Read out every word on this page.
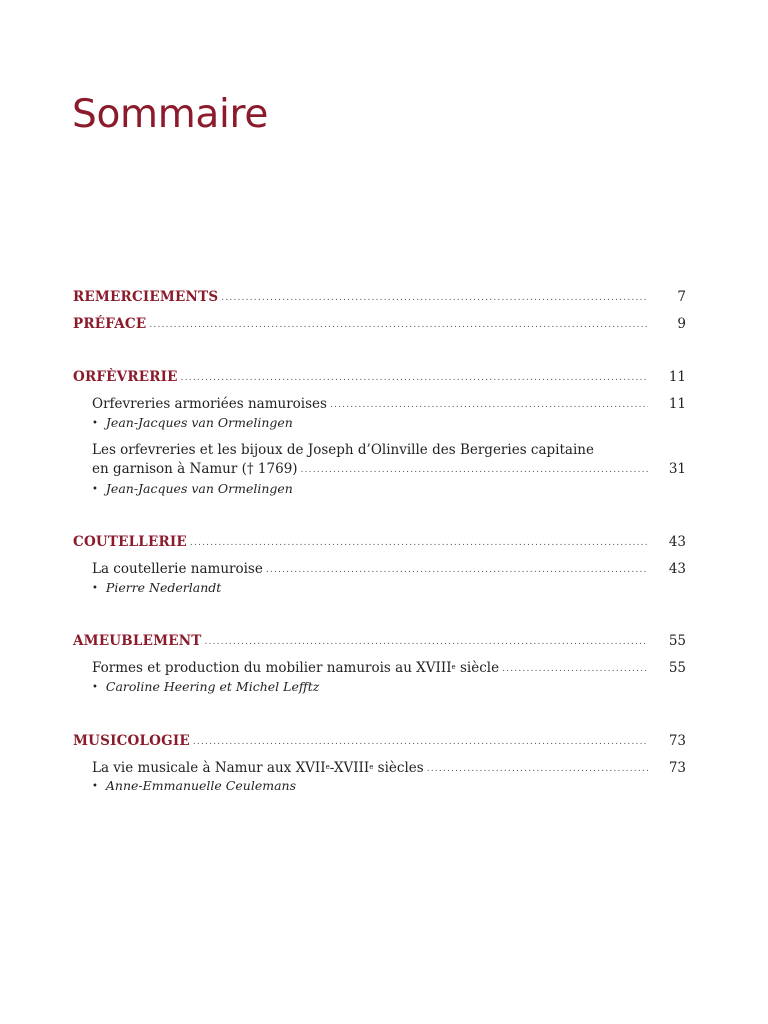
Sommaire
REMERCIEMENTS .....	7
PRÉFACE .....	9
ORFÈVRERIE .....	11
Orfevreries armoriées namuroises .....	11
• Jean-Jacques van Ormelingen
Les orfevreries et les bijoux de Joseph d’Olinville des Bergeries capitaine
en garnison à Namur († 1769) .....	31
• Jean-Jacques van Ormelingen
COUTELLERIE .....	43
La coutellerie namuroise .....	43
• Pierre Nederlandt
AMEUBLEMENT .....	55
Formes et production du mobilier namurois au XVIIIe siècle .....	55
• Caroline Heering et Michel Lefftz
MUSICOLOGIE .....	73
La vie musicale à Namur aux XVIIe-XVIIIe siècles .....	73
• Anne-Emmanuelle Ceulemans
